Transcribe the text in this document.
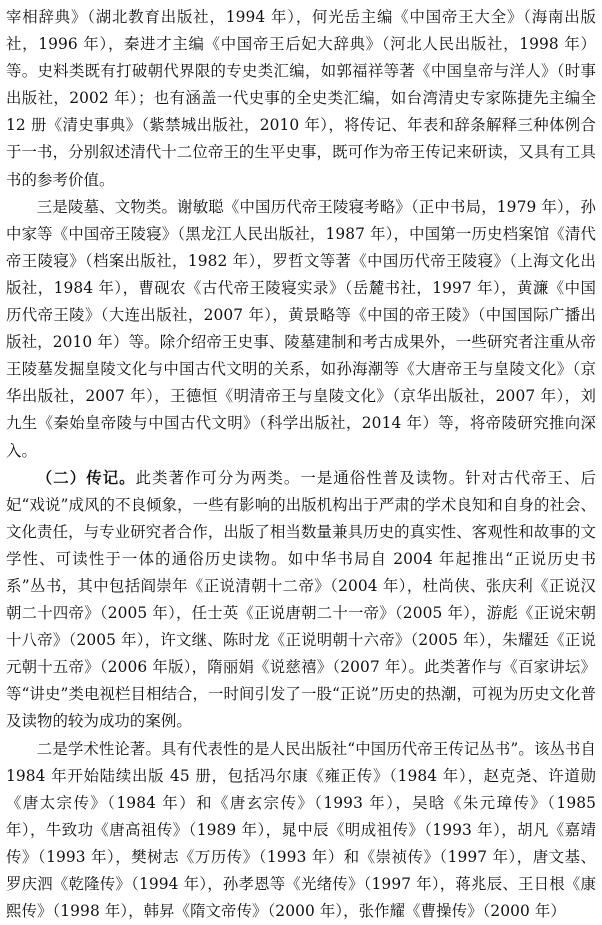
宰相辞典》（湖北教育出版社，1994 年），何光岳主编《中国帝王大全》（海南出版社，1996 年），秦进才主编《中国帝王后妃大辞典》（河北人民出版社，1998 年）等。史料类既有打破朝代界限的专史类汇编，如郭福祥等著《中国皇帝与洋人》（时事出版社，2002 年）；也有涵盖一代史事的全史类汇编，如台湾清史专家陈捷先主编全 12 册《清史事典》（紫禁城出版社，2010 年），将传记、年表和辞条解释三种体例合于一书，分别叙述清代十二位帝王的生平史事，既可作为帝王传记来研读，又具有工具书的参考价值。

三是陵墓、文物类。谢敏聪《中国历代帝王陵寝考略》（正中书局，1979 年），孙中家等《中国帝王陵寝》（黑龙江人民出版社，1987 年），中国第一历史档案馆《清代帝王陵寝》（档案出版社，1982 年），罗哲文等著《中国历代帝王陵寝》（上海文化出版社，1984 年），曹砚农《古代帝王陵寝实录》（岳麓书社，1997 年），黄濂《中国历代帝王陵》（大连出版社，2007 年），黄景略等《中国的帝王陵》（中国国际广播出版社，2010 年）等。除介绍帝王史事、陵墓建制和考古成果外，一些研究者注重从帝王陵墓发掘皇陵文化与中国古代文明的关系，如孙海潮等《大唐帝王与皇陵文化》（京华出版社，2007 年），王德恒《明清帝王与皇陵文化》（京华出版社，2007 年），刘九生《秦始皇帝陵与中国古代文明》（科学出版社，2014 年）等，将帝陵研究推向深入。

（二）传记。此类著作可分为两类。一是通俗性普及读物。针对古代帝王、后妃“戏说”成风的不良倾象，一些有影响的出版机构出于严肃的学术良知和自身的社会、文化责任，与专业研究者合作，出版了相当数量兼具历史的真实性、客观性和故事的文学性、可读性于一体的通俗历史读物。如中华书局自 2004 年起推出“正说历史书系”丛书，其中包括阎崇年《正说清朝十二帝》（2004 年），杜尚侠、张庆利《正说汉朝二十四帝》（2005 年），任士英《正说唐朝二十一帝》（2005 年），游彪《正说宋朝十八帝》（2005 年），许文继、陈时龙《正说明朝十六帝》（2005 年），朱耀廷《正说元朝十五帝》（2006 年版），隋丽娟《说慈禧》（2007 年）。此类著作与《百家讲坛》等“讲史”类电视栏目相结合，一时间引发了一股“正说”历史的热潮，可视为历史文化普及读物的较为成功的案例。

二是学术性论著。具有代表性的是人民出版社“中国历代帝王传记丛书”。该丛书自 1984 年开始陆续出版 45 册，包括冯尔康《雍正传》（1984 年），赵克尧、许道勋《唐太宗传》（1984 年）和《唐玄宗传》（1993 年），吴晗《朱元璋传》（1985 年），牛致功《唐高祖传》（1989 年），晁中辰《明成祖传》（1993 年），胡凡《嘉靖传》（1993 年），樊树志《万历传》（1993 年）和《崇祯传》（1997 年），唐文基、罗庆泗《乾隆传》（1994 年），孙孝恩等《光绪传》（1997 年），蒋兆辰、王日根《康熙传》（1998 年），韩昇《隋文帝传》（2000 年），张作耀《曹操传》（2000 年）
